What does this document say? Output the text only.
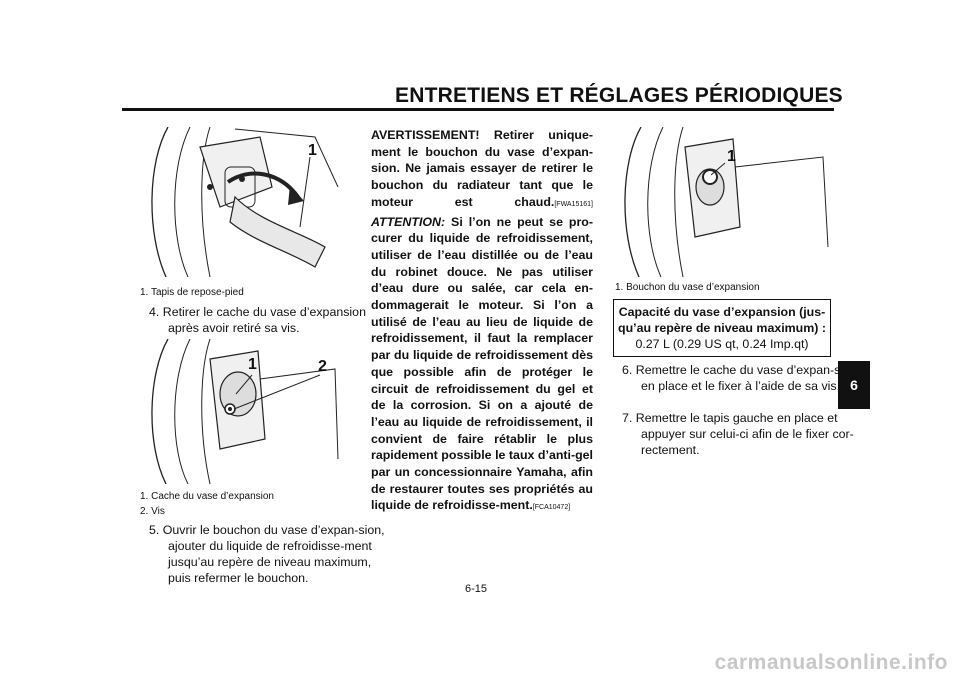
ENTRETIENS ET RÉGLAGES PÉRIODIQUES
6
1
1. Tapis de repose-pied
4. Retirer le cache du vase d’expansion après avoir retiré sa vis.
1	2
1. Cache du vase d’expansion
2. Vis
5. Ouvrir le bouchon du vase d’expan-sion, ajouter du liquide de refroidisse-ment jusqu’au repère de niveau maximum, puis refermer le bouchon.
AVERTISSEMENT! Retirer unique-ment le bouchon du vase d’expan-sion. Ne jamais essayer de retirer le bouchon du radiateur tant que le moteur est chaud.[FWA15161] ATTENTION: Si l’on ne peut se pro-curer du liquide de refroidissement, utiliser de l’eau distillée ou de l’eau du robinet douce. Ne pas utiliser d’eau dure ou salée, car cela en-dommagerait le moteur. Si l’on a utilisé de l’eau au lieu de liquide de refroidissement, il faut la remplacer par du liquide de refroidissement dès que possible afin de protéger le circuit de refroidissement du gel et de la corrosion. Si on a ajouté de l’eau au liquide de refroidissement, il convient de faire rétablir le plus rapidement possible le taux d’anti-gel par un concessionnaire Yamaha, afin de restaurer toutes ses propriétés au liquide de refroidisse-ment.[FCA10472]
1
1. Bouchon du vase d’expansion
Capacité du vase d’expansion (jus-qu’au repère de niveau maximum) :
0.27 L (0.29 US qt, 0.24 Imp.qt)
6. Remettre le cache du vase d’expan-sion en place et le fixer à l’aide de sa vis.
7. Remettre le tapis gauche en place et appuyer sur celui-ci afin de le fixer cor-rectement.
6-15
carmanualsonline.info
